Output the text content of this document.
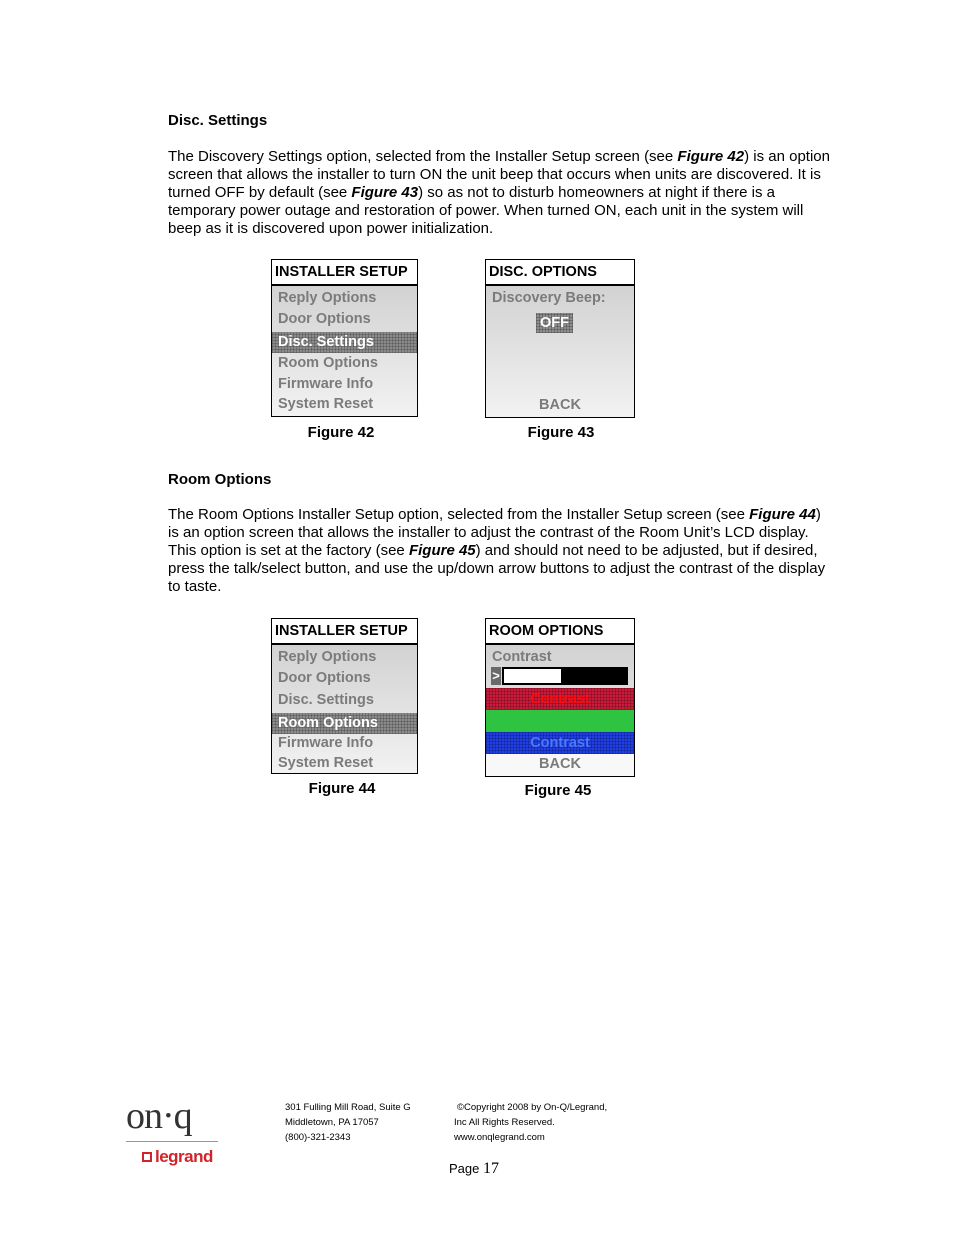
Disc. Settings
The Discovery Settings option, selected from the Installer Setup screen (see Figure 42) is an option screen that allows the installer to turn ON the unit beep that occurs when units are discovered. It is turned OFF by default (see Figure 43) so as not to disturb homeowners at night if there is a temporary power outage and restoration of power. When turned ON, each unit in the system will beep as it is discovered upon power initialization.
INSTALLER SETUP
Reply Options
Door Options
Disc. Settings
Room Options
Firmware Info
System Reset
Figure 42
DISC. OPTIONS
Discovery Beep:
OFF
BACK
Figure 43
Room Options
The Room Options Installer Setup option, selected from the Installer Setup screen (see Figure 44) is an option screen that allows the installer to adjust the contrast of the Room Unit’s LCD display. This option is set at the factory (see Figure 45) and should not need to be adjusted, but if desired, press the talk/select button, and use the up/down arrow buttons to adjust the contrast of the display to taste.
INSTALLER SETUP
Reply Options
Door Options
Disc. Settings
Room Options
Firmware Info
System Reset
Figure 44
ROOM OPTIONS
Contrast
>
Contrast
Contrast
Contrast
BACK
Figure 45
on·q
legrand
301 Fulling Mill Road, Suite G
Middletown, PA 17057
(800)-321-2343
©Copyright 2008 by On-Q/Legrand,
Inc All Rights Reserved.
www.onqlegrand.com
Page 17
